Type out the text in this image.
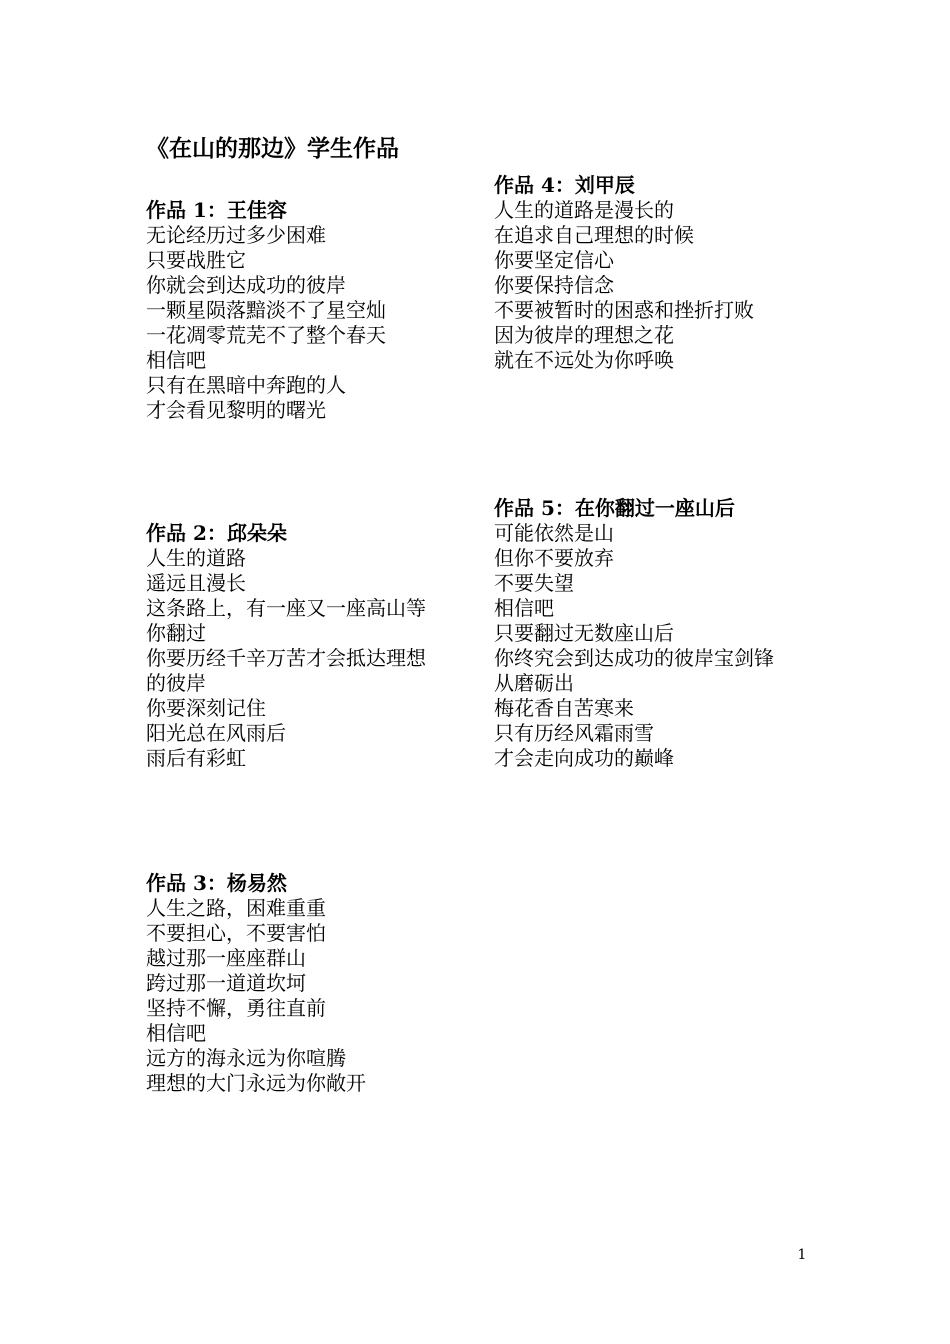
《在山的那边》学生作品
作品 1：王佳容
无论经历过多少困难
只要战胜它
你就会到达成功的彼岸
一颗星陨落黯淡不了星空灿
一花凋零荒芜不了整个春天
相信吧
只有在黑暗中奔跑的人
才会看见黎明的曙光
作品 2：邱朵朵
人生的道路
遥远且漫长
这条路上，有一座又一座高山等
你翻过
你要历经千辛万苦才会抵达理想
的彼岸
你要深刻记住
阳光总在风雨后
雨后有彩虹
作品 3：杨易然
人生之路，困难重重
不要担心，不要害怕
越过那一座座群山
跨过那一道道坎坷
坚持不懈，勇往直前
相信吧
远方的海永远为你喧腾
理想的大门永远为你敞开
作品 4：刘甲辰
人生的道路是漫长的
在追求自己理想的时候
你要坚定信心
你要保持信念
不要被暂时的困惑和挫折打败
因为彼岸的理想之花
就在不远处为你呼唤
作品 5：在你翻过一座山后
可能依然是山
但你不要放弃
不要失望
相信吧
只要翻过无数座山后
你终究会到达成功的彼岸宝剑锋
从磨砺出
梅花香自苦寒来
只有历经风霜雨雪
才会走向成功的巅峰
1
